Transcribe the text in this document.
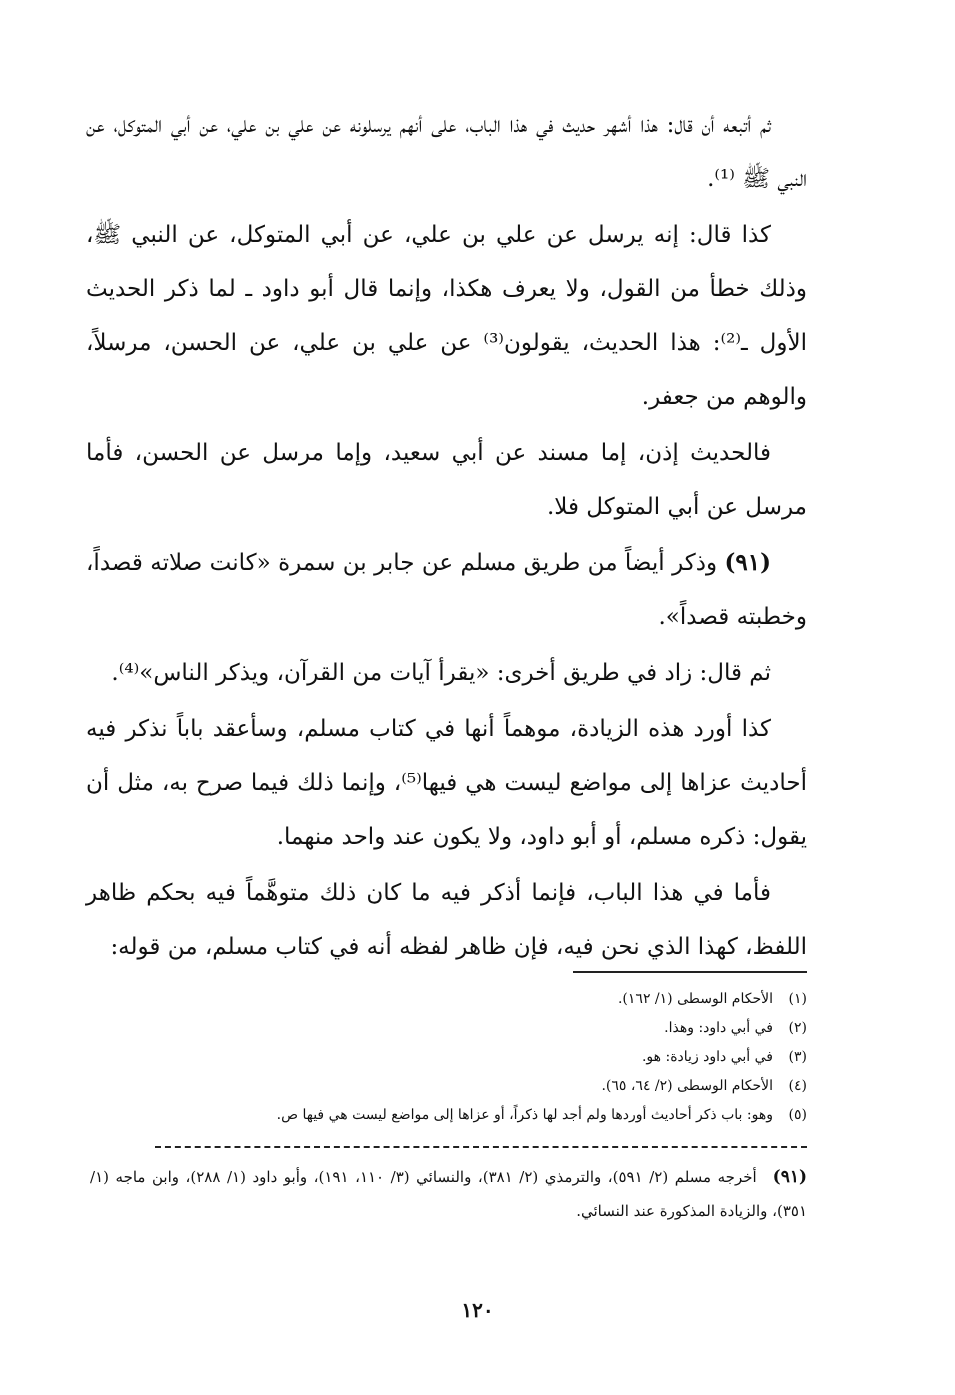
ثم أتبعه أن قال: هذا أشهر حديث في هذا الباب، على أنهم يرسلونه عن علي بن علي، عن أبي المتوكل، عن النبي ﷺ ⁽¹⁾.

كذا قال: إنه يرسل عن علي بن علي، عن أبي المتوكل، عن النبي ﷺ، وذلك خطأ من القول، ولا يعرف هكذا، وإنما قال أبو داود ـ لما ذكر الحديث الأول ـ⁽²⁾: هذا الحديث، يقولون⁽³⁾ عن علي بن علي، عن الحسن، مرسلاً، والوهم من جعفر.

فالحديث إذن، إما مسند عن أبي سعيد، وإما مرسل عن الحسن، فأما مرسل عن أبي المتوكل فلا.

(٩١) وذكر أيضاً من طريق مسلم عن جابر بن سمرة «كانت صلاته قصداً، وخطبته قصداً».

ثم قال: زاد في طريق أخرى: «يقرأ آيات من القرآن، ويذكر الناس»⁽⁴⁾.

كذا أورد هذه الزيادة، موهماً أنها في كتاب مسلم، وسأعقد باباً نذكر فيه أحاديث عزاها إلى مواضع ليست هي فيها⁽⁵⁾، وإنما ذلك فيما صرح به، مثل أن يقول: ذكره مسلم، أو أبو داود، ولا يكون عند واحد منهما.

فأما في هذا الباب، فإنما أذكر فيه ما كان ذلك متوهَّماً فيه بحكم ظاهر اللفظ، كهذا الذي نحن فيه، فإن ظاهر لفظه أنه في كتاب مسلم، من قوله:

(١)الأحكام الوسطى (١/ ١٦٢).
(٢)في أبي داود: وهذا.
(٣)في أبي داود زيادة: هو.
(٤)الأحكام الوسطى (٢/ ٦٤، ٦٥).
(٥)وهو: باب ذكر أحاديث أوردها ولم أجد لها ذكراً، أو عزاها إلى مواضع ليست هي فيها ص.
(٩١)أخرجه مسلم (٢/ ٥٩١)، والترمذي (٢/ ٣٨١)، والنسائي (٣/ ١١٠، ١٩١)، وأبو داود (١/ ٢٨٨)، وابن ماجه (١/ ٣٥١)، والزيادة المذكورة عند النسائي.
١٢٠
